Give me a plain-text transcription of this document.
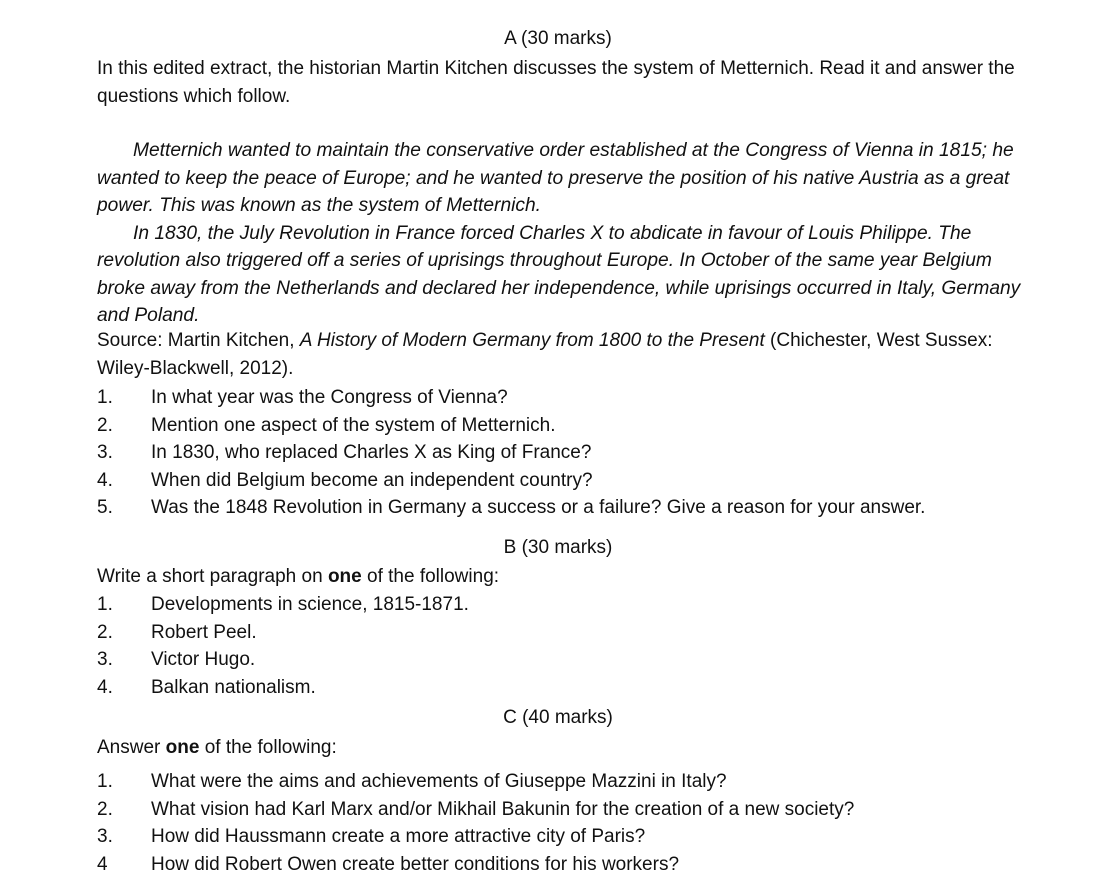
A (30 marks)
In this edited extract, the historian Martin Kitchen discusses the system of Metternich. Read it and answer the questions which follow.

Metternich wanted to maintain the conservative order established at the Congress of Vienna in 1815; he wanted to keep the peace of Europe; and he wanted to preserve the position of his native Austria as a great power. This was known as the system of Metternich.

In 1830, the July Revolution in France forced Charles X to abdicate in favour of Louis Philippe. The revolution also triggered off a series of uprisings throughout Europe. In October of the same year Belgium broke away from the Netherlands and declared her independence, while uprisings occurred in Italy, Germany and Poland.

Source: Martin Kitchen, A History of Modern Germany from 1800 to the Present (Chichester, West Sussex: Wiley-Blackwell, 2012).
1. In what year was the Congress of Vienna?
2. Mention one aspect of the system of Metternich.
3. In 1830, who replaced Charles X as King of France?
4. When did Belgium become an independent country?
5. Was the 1848 Revolution in Germany a success or a failure? Give a reason for your answer.
B (30 marks)
Write a short paragraph on one of the following:
1. Developments in science, 1815-1871.
2. Robert Peel.
3. Victor Hugo.
4. Balkan nationalism.
C (40 marks)
Answer one of the following:
1. What were the aims and achievements of Giuseppe Mazzini in Italy?
2. What vision had Karl Marx and/or Mikhail Bakunin for the creation of a new society?
3. How did Haussmann create a more attractive city of Paris?
4 How did Robert Owen create better conditions for his workers?
